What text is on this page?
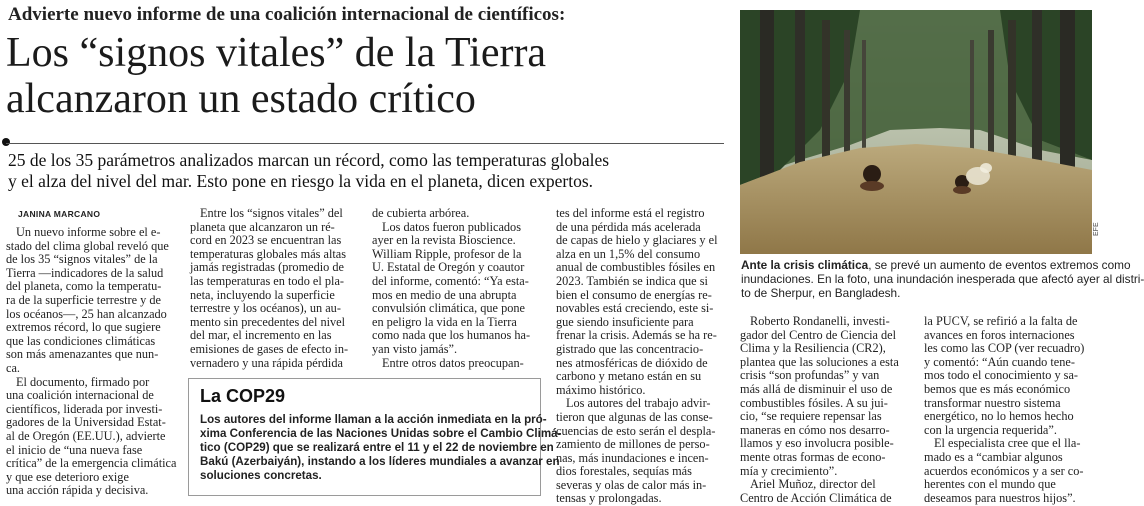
Advierte nuevo informe de una coalición internacional de científicos:
Los “signos vitales” de la Tierra
alcanzaron un estado crítico
25 de los 35 parámetros analizados marcan un récord, como las temperaturas globales
y el alza del nivel del mar. Esto pone en riesgo la vida en el planeta, dicen expertos.
JANINA MARCANO
Un nuevo informe sobre el e-
stado del clima global reveló que
de los 35 “signos vitales” de la
Tierra —indicadores de la salud
del planeta, como la temperatu-
ra de la superficie terrestre y de
los océanos—, 25 han alcanzado
extremos récord, lo que sugiere
que las condiciones climáticas
son más amenazantes que nun-
ca.
El documento, firmado por
una coalición internacional de
científicos, liderada por investi-
gadores de la Universidad Estat-
al de Oregón (EE.UU.), advierte
el inicio de “una nueva fase
crítica” de la emergencia climática
y que ese deterioro exige
una acción rápida y decisiva.
Entre los “signos vitales” del
planeta que alcanzaron un ré-
cord en 2023 se encuentran las
temperaturas globales más altas
jamás registradas (promedio de
las temperaturas en todo el pla-
neta, incluyendo la superficie
terrestre y los océanos), un au-
mento sin precedentes del nivel
del mar, el incremento en las
emisiones de gases de efecto in-
vernadero y una rápida pérdida
de cubierta arbórea.
Los datos fueron publicados
ayer en la revista Bioscience.
William Ripple, profesor de la
U. Estatal de Oregón y coautor
del informe, comentó: “Ya esta-
mos en medio de una abrupta
convulsión climática, que pone
en peligro la vida en la Tierra
como nada que los humanos ha-
yan visto jamás”.
Entre otros datos preocupan-
tes del informe está el registro
de una pérdida más acelerada
de capas de hielo y glaciares y el
alza en un 1,5% del consumo
anual de combustibles fósiles en
2023. También se indica que si
bien el consumo de energías re-
novables está creciendo, este si-
gue siendo insuficiente para
frenar la crisis. Además se ha re-
gistrado que las concentracio-
nes atmosféricas de dióxido de
carbono y metano están en su
máximo histórico.
Los autores del trabajo advir-
tieron que algunas de las conse-
cuencias de esto serán el despla-
zamiento de millones de perso-
nas, más inundaciones e incen-
dios forestales, sequías más
severas y olas de calor más in-
tensas y prolongadas.
Roberto Rondanelli, investi-
gador del Centro de Ciencia del
Clima y la Resiliencia (CR2),
plantea que las soluciones a esta
crisis “son profundas” y van
más allá de disminuir el uso de
combustibles fósiles. A su jui-
cio, “se requiere repensar las
maneras en cómo nos desarro-
llamos y eso involucra posible-
mente otras formas de econo-
mía y crecimiento”.
Ariel Muñoz, director del
Centro de Acción Climática de
la PUCV, se refirió a la falta de
avances en foros internaciones
les como las COP (ver recuadro)
y comentó: “Aún cuando tene-
mos todo el conocimiento y sa-
bemos que es más económico
transformar nuestro sistema
energético, no lo hemos hecho
con la urgencia requerida”.
El especialista cree que el lla-
mado es a “cambiar algunos
acuerdos económicos y a ser co-
herentes con el mundo que
deseamos para nuestros hijos”.
La COP29
Los autores del informe llaman a la acción inmediata en la pró-
xima Conferencia de las Naciones Unidas sobre el Cambio Climá-
tico (COP29) que se realizará entre el 11 y el 22 de noviembre en
Bakú (Azerbaiyán), instando a los líderes mundiales a avanzar en
soluciones concretas.
EFE
Ante la crisis climática, se prevé un aumento de eventos extremos como
inundaciones. En la foto, una inundación inesperada que afectó ayer al distri-
to de Sherpur, en Bangladesh.
